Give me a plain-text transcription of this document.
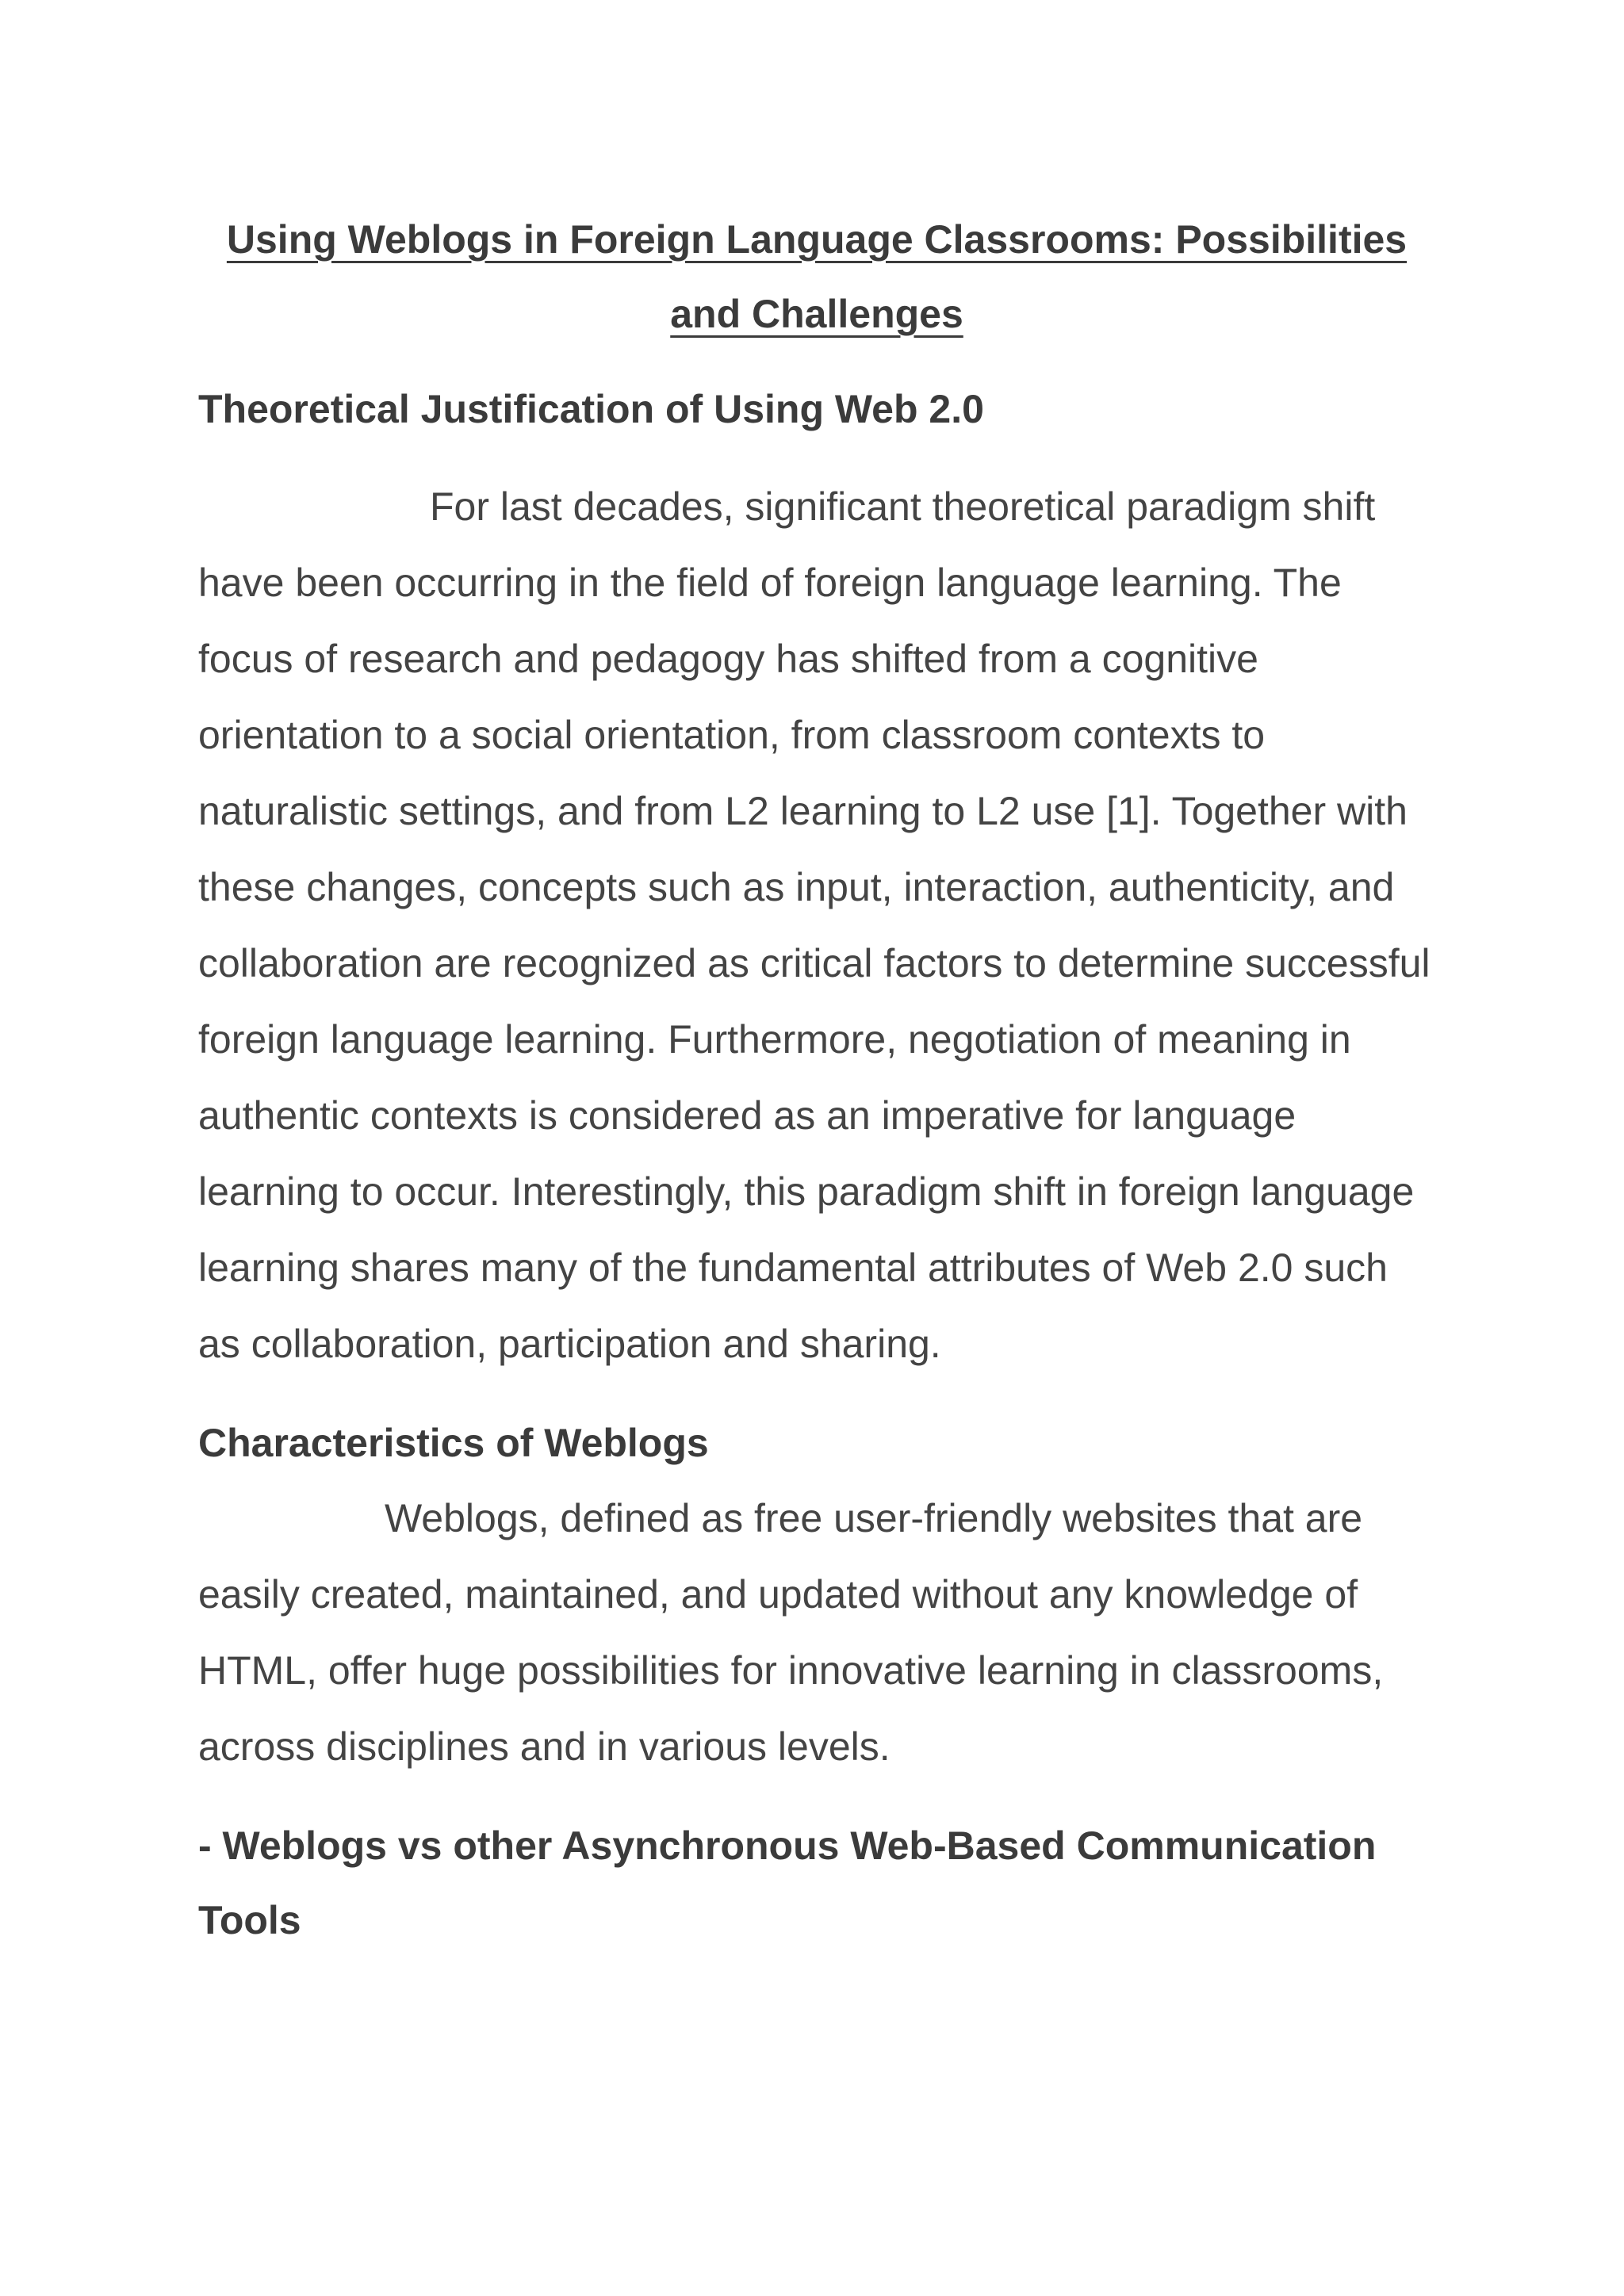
Using Weblogs in Foreign Language Classrooms: Possibilities and Challenges
Theoretical Justification of Using Web 2.0

For last decades, significant theoretical paradigm shift have been occurring in the field of foreign language learning. The focus of research and pedagogy has shifted from a cognitive orientation to a social orientation, from classroom contexts to naturalistic settings, and from L2 learning to L2 use [1]. Together with these changes, concepts such as input, interaction, authenticity, and collaboration are recognized as critical factors to determine successful foreign language learning. Furthermore, negotiation of meaning in authentic contexts is considered as an imperative for language learning to occur. Interestingly, this paradigm shift in foreign language learning shares many of the fundamental attributes of Web 2.0 such as collaboration, participation and sharing.

Characteristics of Weblogs

Weblogs, defined as free user-friendly websites that are easily created, maintained, and updated without any knowledge of HTML, offer huge possibilities for innovative learning in classrooms, across disciplines and in various levels.

- Weblogs vs other Asynchronous Web-Based Communication Tools
